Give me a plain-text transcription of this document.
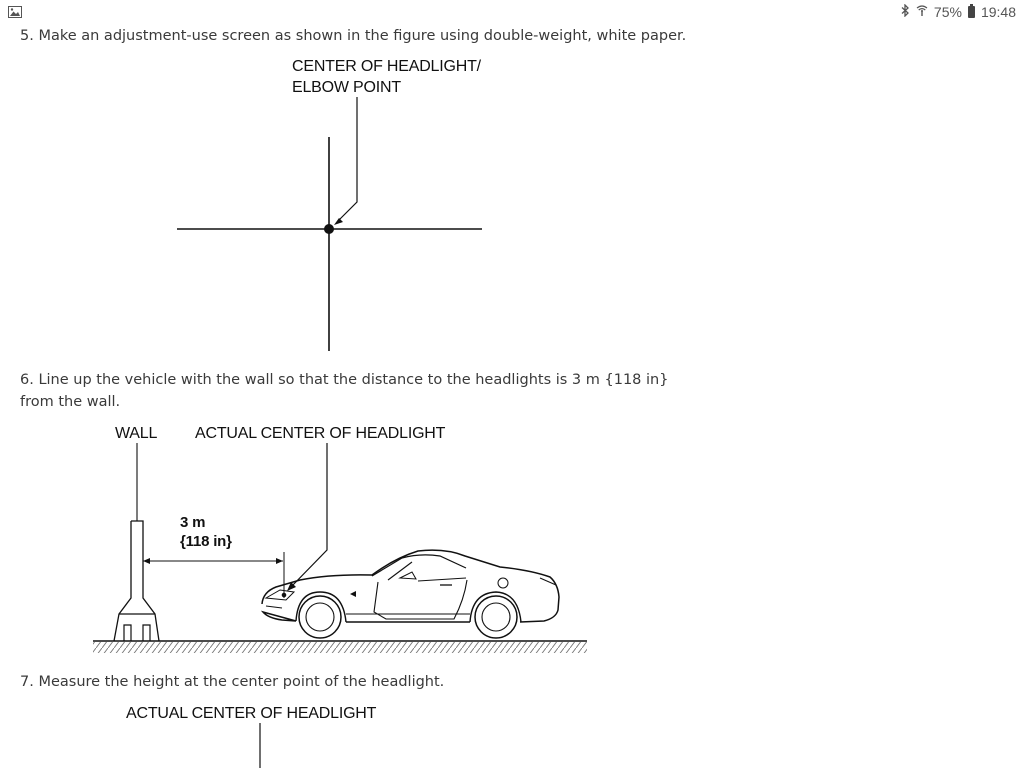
75% 19:48
5. Make an adjustment-use screen as shown in the figure using double-weight, white paper.
CENTER OF HEADLIGHT/
ELBOW POINT
6. Line up the vehicle with the wall so that the distance to the headlights is 3 m {118 in}
from the wall.
WALL ACTUAL CENTER OF HEADLIGHT
3 m
{118 in}
7. Measure the height at the center point of the headlight.
ACTUAL CENTER OF HEADLIGHT
